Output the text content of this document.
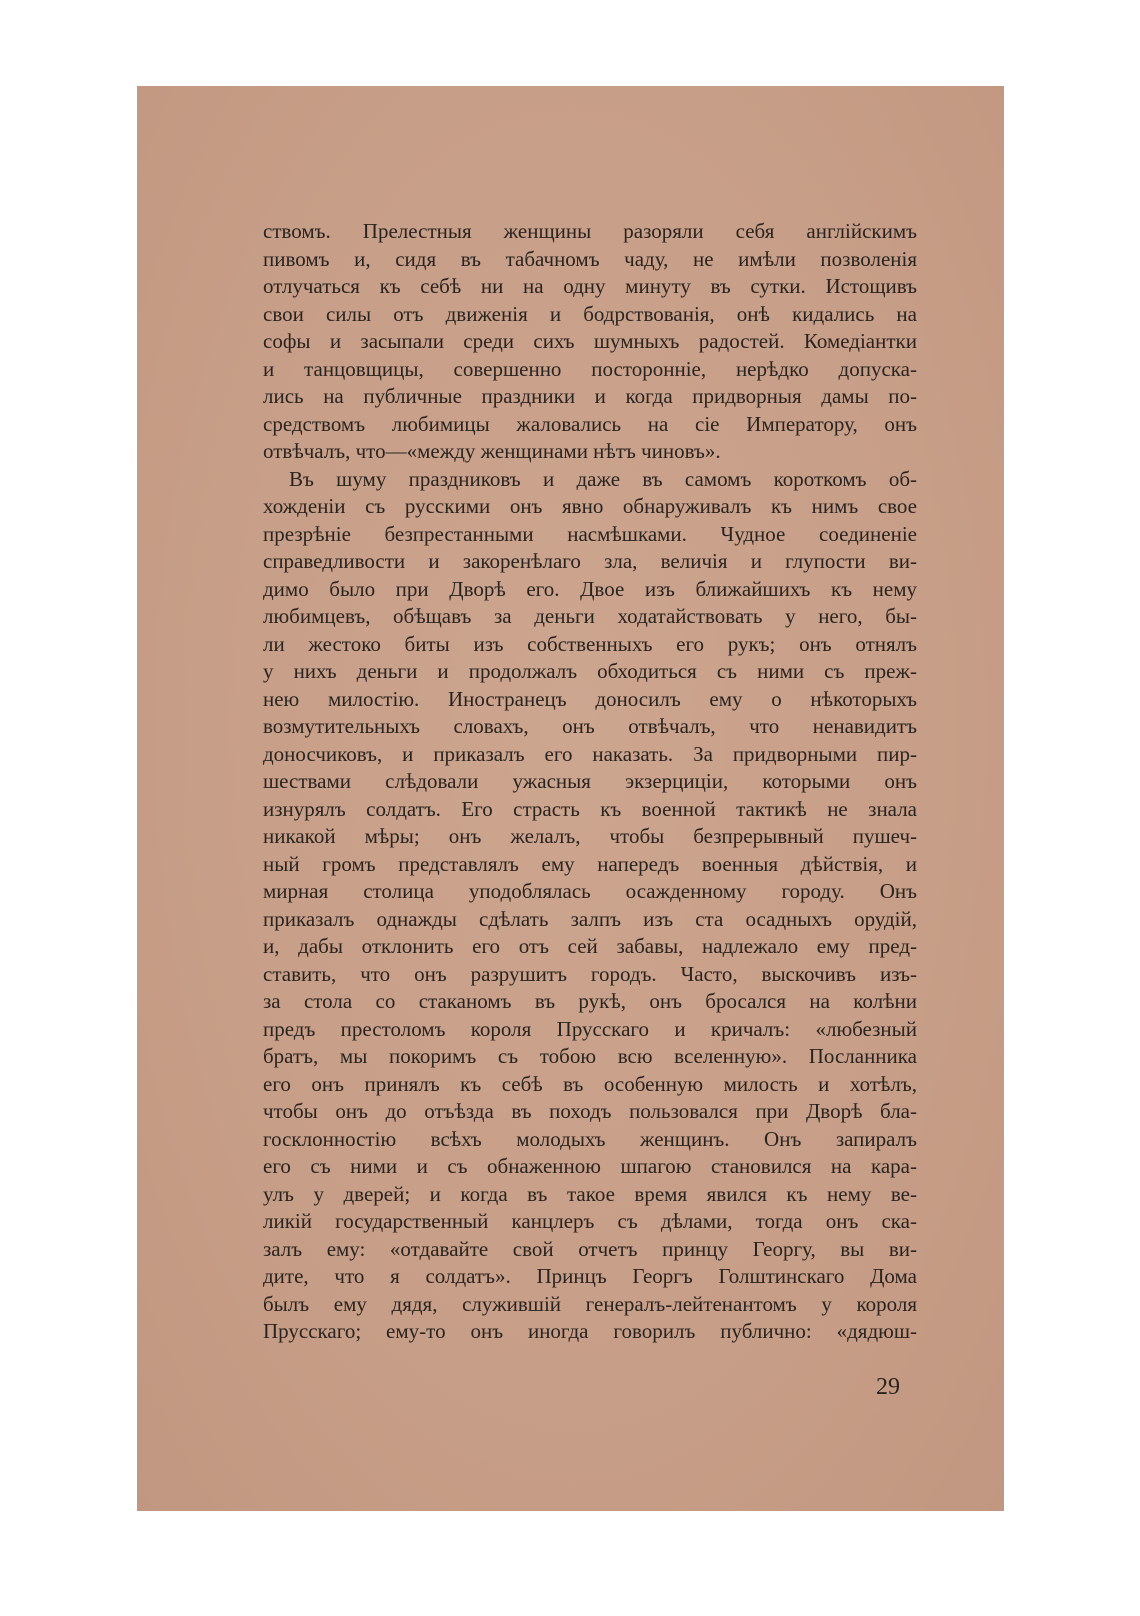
ствомъ. Прелестныя женщины разоряли себя англійскимъ
пивомъ и, сидя въ табачномъ чаду, не имѣли позволенія
отлучаться къ себѣ ни на одну минуту въ сутки. Истощивъ
свои силы отъ движенія и бодрствованія, онѣ кидались на
софы и засыпали среди сихъ шумныхъ радостей. Комедіантки
и танцовщицы, совершенно посторонніе, нерѣдко допуска-
лись на публичные праздники и когда придворныя дамы по-
средствомъ любимицы жаловались на сіе Императору, онъ
отвѣчалъ, что—«между женщинами нѣтъ чиновъ».
Въ шуму праздниковъ и даже въ самомъ короткомъ об-
хожденіи съ русскими онъ явно обнаруживалъ къ нимъ свое
презрѣніе безпрестанными насмѣшками. Чудное соединеніе
справедливости и закоренѣлаго зла, величія и глупости ви-
димо было при Дворѣ его. Двое изъ ближайшихъ къ нему
любимцевъ, обѣщавъ за деньги ходатайствовать у него, бы-
ли жестоко биты изъ собственныхъ его рукъ; онъ отнялъ
у нихъ деньги и продолжалъ обходиться съ ними съ преж-
нею милостію. Иностранецъ доносилъ ему о нѣкоторыхъ
возмутительныхъ словахъ, онъ отвѣчалъ, что ненавидитъ
доносчиковъ, и приказалъ его наказать. За придворными пир-
шествами слѣдовали ужасныя экзерциціи, которыми онъ
изнурялъ солдатъ. Его страсть къ военной тактикѣ не знала
никакой мѣры; онъ желалъ, чтобы безпрерывный пушеч-
ный громъ представлялъ ему напередъ военныя дѣйствія, и
мирная столица уподоблялась осажденному городу. Онъ
приказалъ однажды сдѣлать залпъ изъ ста осадныхъ орудій,
и, дабы отклонить его отъ сей забавы, надлежало ему пред-
ставить, что онъ разрушитъ городъ. Часто, выскочивъ изъ-
за стола со стаканомъ въ рукѣ, онъ бросался на колѣни
предъ престоломъ короля Прусскаго и кричалъ: «любезный
братъ, мы покоримъ съ тобою всю вселенную». Посланника
его онъ принялъ къ себѣ въ особенную милость и хотѣлъ,
чтобы онъ до отъѣзда въ походъ пользовался при Дворѣ бла-
госклонностію всѣхъ молодыхъ женщинъ. Онъ запиралъ
его съ ними и съ обнаженною шпагою становился на кара-
улъ у дверей; и когда въ такое время явился къ нему ве-
ликій государственный канцлеръ съ дѣлами, тогда онъ ска-
залъ ему: «отдавайте свой отчетъ принцу Георгу, вы ви-
дите, что я солдатъ». Принцъ Георгъ Голштинскаго Дома
былъ ему дядя, служившій генералъ-лейтенантомъ у короля
Прусскаго; ему-то онъ иногда говорилъ публично: «дядюш-
29
